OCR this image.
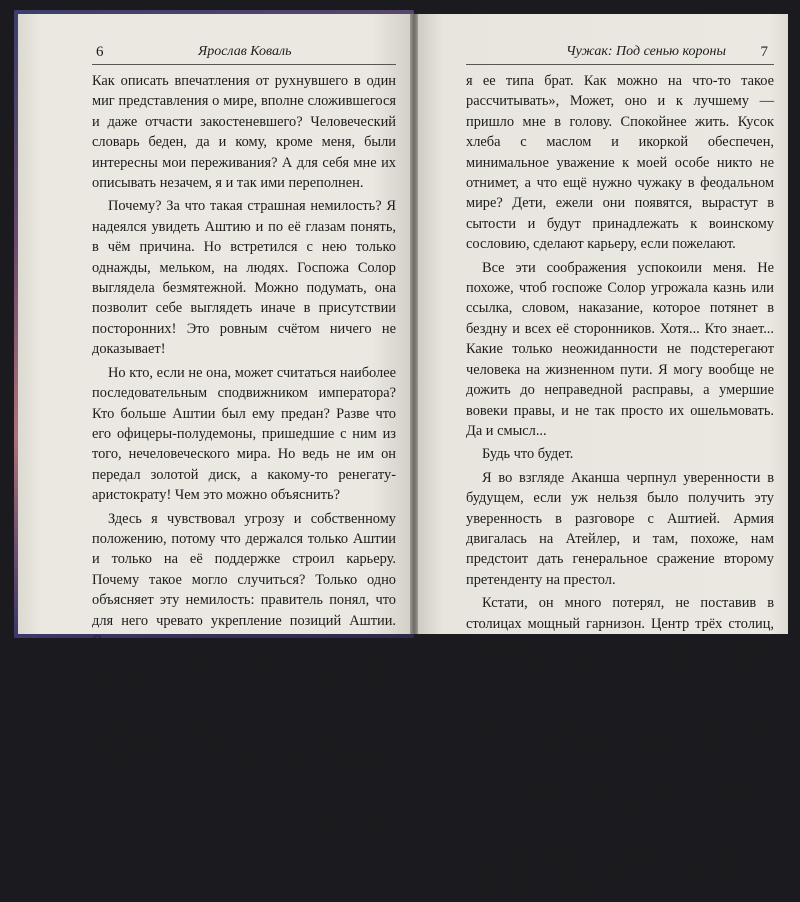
6	Ярослав Коваль

Как описать впечатления от рухнувшего в один миг представления о мире, вполне сложившегося и даже отчасти закостеневшего? Человеческий словарь беден, да и кому, кроме меня, были интересны мои переживания? А для себя мне их описывать незачем, я и так ими переполнен.

Почему? За что такая страшная немилость? Я надеялся увидеть Аштию и по её глазам понять, в чём причина. Но встретился с нею только однажды, мельком, на людях. Госпожа Солор выглядела безмятежной. Можно подумать, она позволит себе выглядеть иначе в присутствии посторонних! Это ровным счётом ничего не доказывает!

Но кто, если не она, может считаться наиболее последовательным сподвижником императора? Кто больше Аштии был ему предан? Разве что его офицеры-полудемоны, пришедшие с ним из того, нечеловеческого мира. Но ведь не им он передал золотой диск, а какому-то ренегату-аристократу! Чем это можно объяснить?

Здесь я чувствовал угрозу и собственному положению, потому что держался только Аштии и только на её поддержке строил карьеру. Почему такое могло случиться? Только одно объясняет эту немилость: правитель понял, что для него чревато укрепление позиций Аштии. Она, по сути, вернула ему корону — а значит, теоретически может и отнять её. С точки зрения благодарности — гадство. С точки зрения политики — разумный продуманный ход. Странно, что Аше столь спокойно это воспринимает. Может ли она скатиться и дальше? Ну, слишком-то она не скатится. Никто не отнимет у неё и её рода высокое положение в обществе и титул.

«А ты уже губу-то раскатал... Ну, может быть, Аше даст мне какое-нибудь место у себя. Всё-таки

Чужак: Под сенью короны 7

я ее типа брат. Как можно на что-то такое рассчитывать», Может, оно и к лучшему — пришло мне в голову. Спокойнее жить. Кусок хлеба с маслом и икоркой обеспечен, минимальное уважение к моей особе никто не отнимет, а что ещё нужно чужаку в феодальном мире? Дети, ежели они появятся, вырастут в сытости и будут принадлежать к воинскому сословию, сделают карьеру, если пожелают.

Все эти соображения успокоили меня. Не похоже, чтоб госпоже Солор угрожала казнь или ссылка, словом, наказание, которое потянет в бездну и всех её сторонников. Хотя... Кто знает... Какие только неожиданности не подстерегают человека на жизненном пути. Я могу вообще не дожить до неправедной расправы, а умершие вовеки правы, и не так просто их ошельмовать. Да и смысл...

Будь что будет.

Я во взгляде Аканша черпнул уверенности в будущем, если уж нельзя было получить эту уверенность в разговоре с Аштией. Армия двигалась на Атейлер, и там, похоже, нам предстоит дать генеральное сражение второму претенденту на престол.

Кстати, он много потерял, не поставив в столицах мощный гарнизон. Центр трёх столиц, императорская цитадель и все укрепления вокруг неё были так хорошо и столь разумно устроены, что держаться там можно было очень и очень долго. Его величеству пришлось бы потратить много сил и времени на то, чтоб захватить три главных города Империи, прояви защитники хоть минимальное упорство и умение.

Но у горожан не нашлось воли, чтоб сражаться вместо солдат. Да, собственно, чему тут удивляться? Разве трудно понять обывателей? Весь уклад жизни в Империи строго определял, кому чем следует заниматься. Горожанам — ремёслами, торговлей,
